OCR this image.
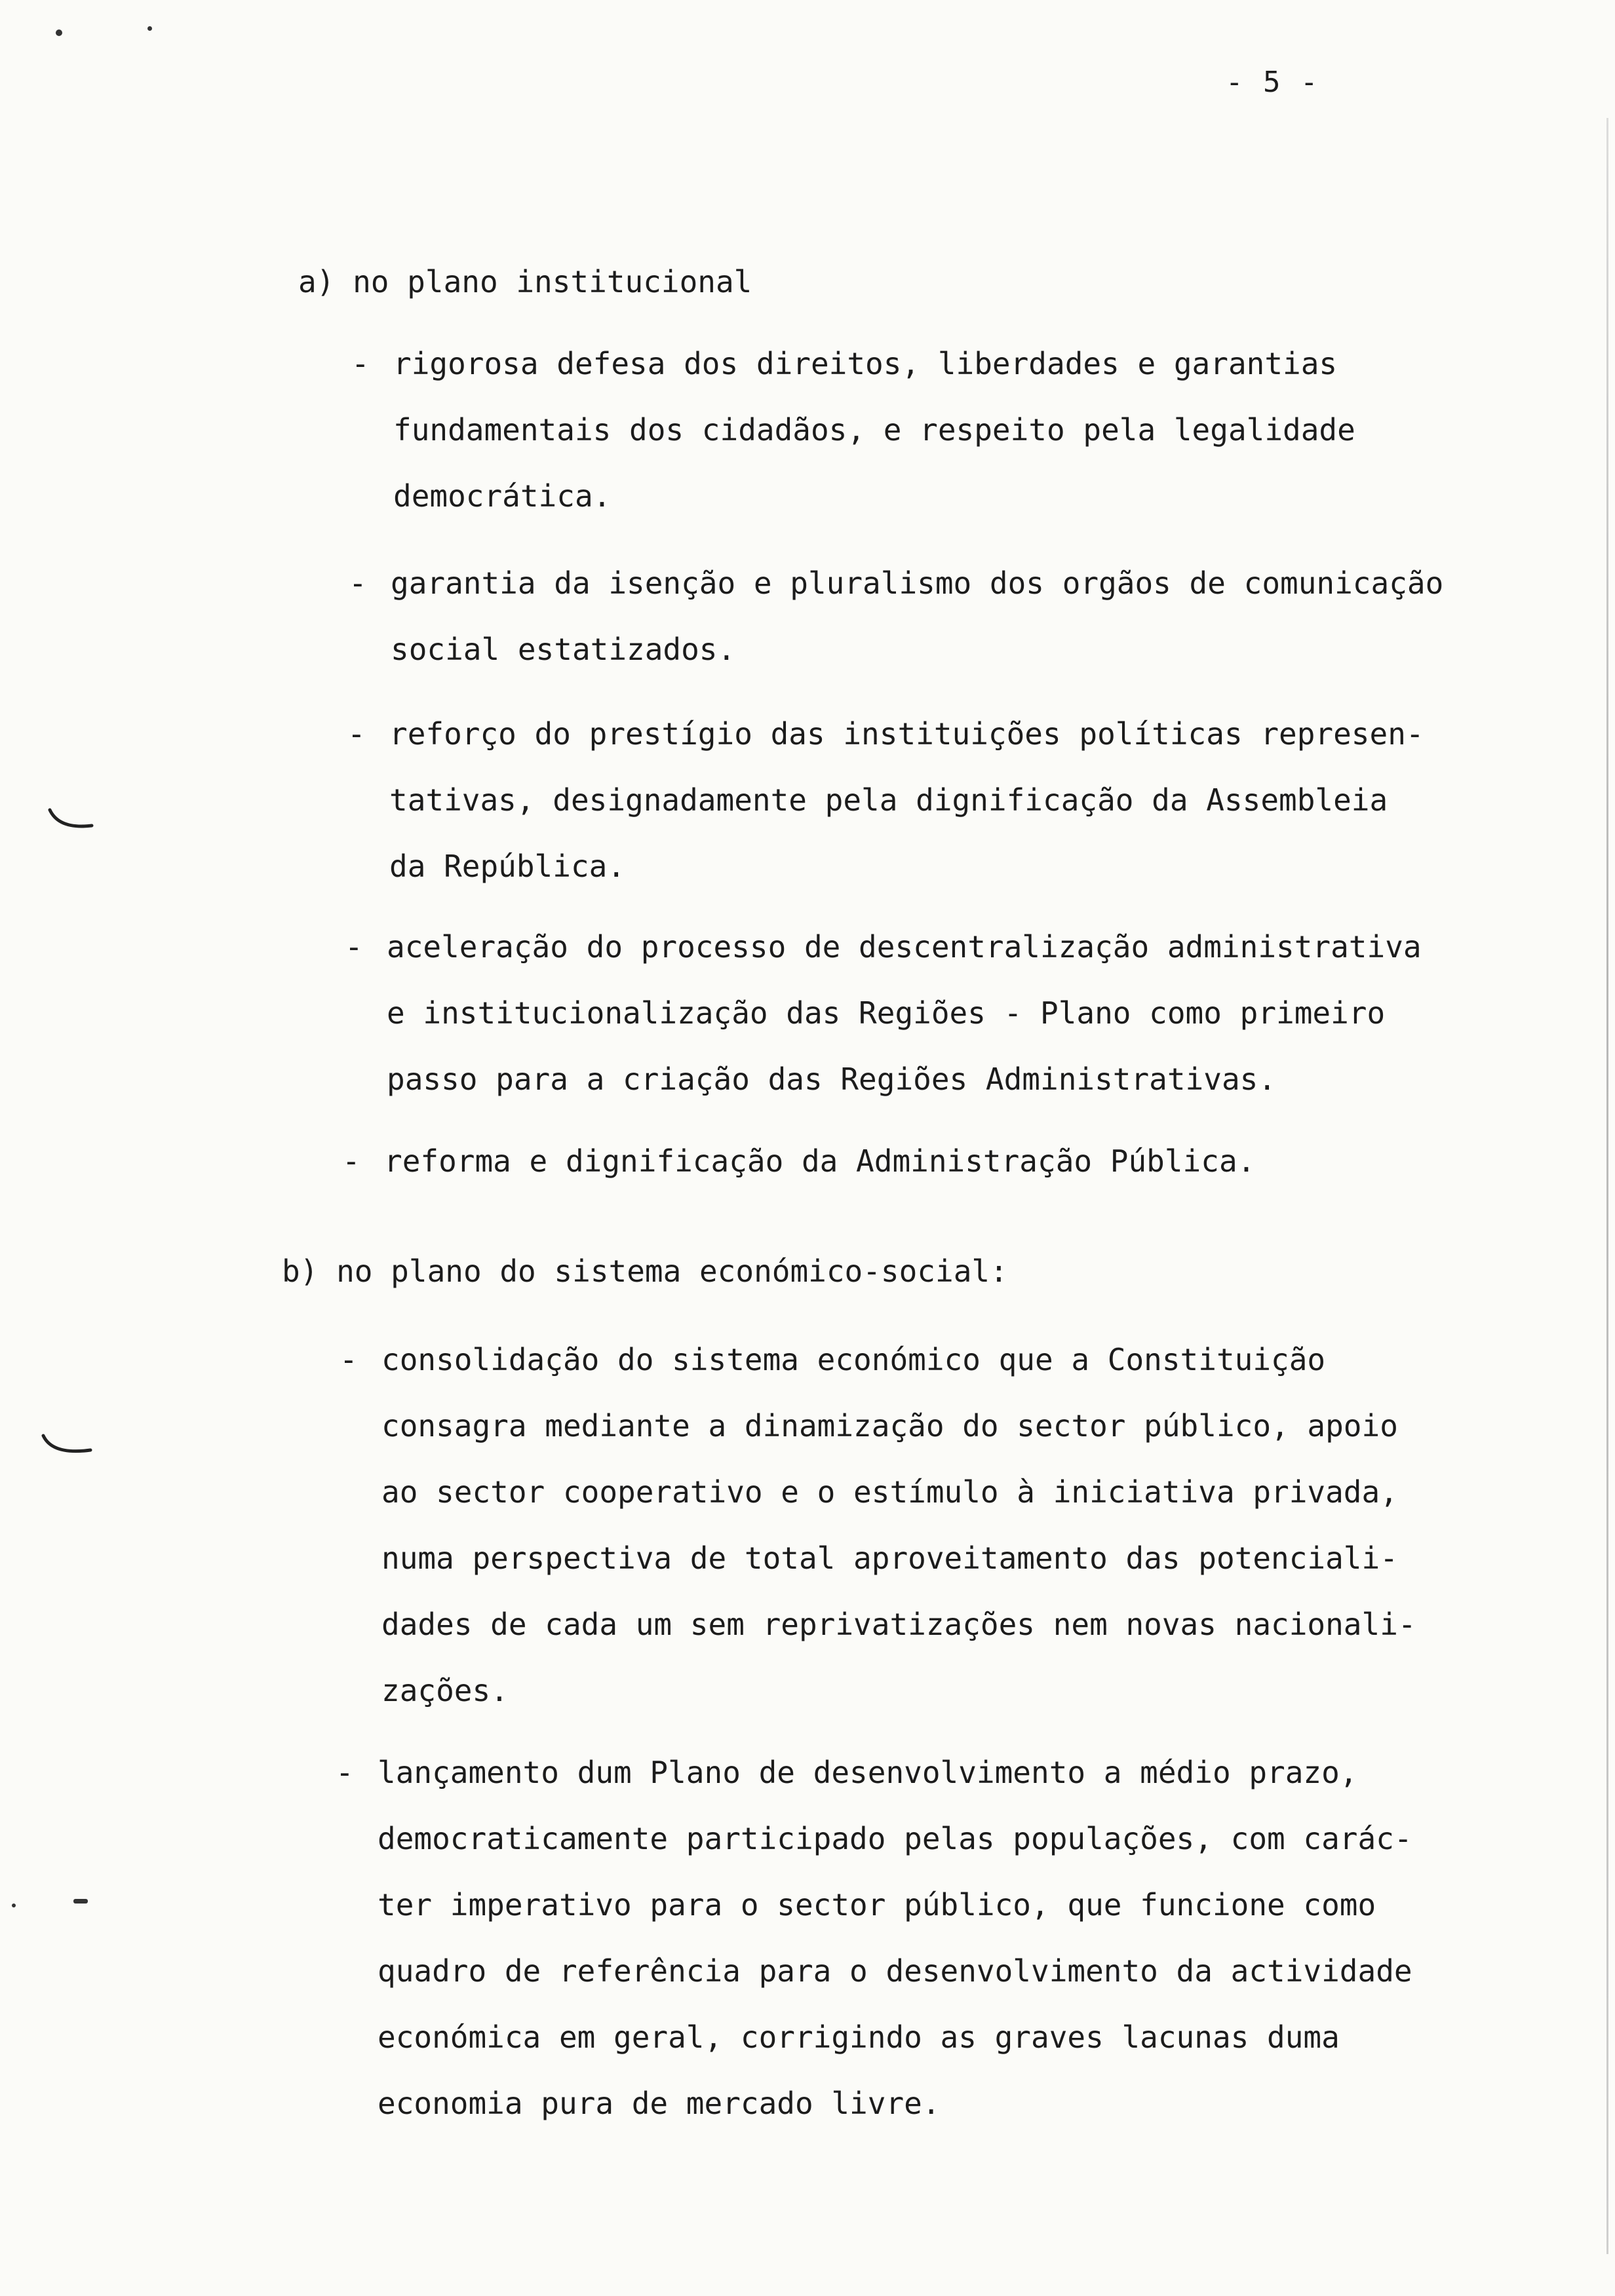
- 5 -
a) no plano institucional
- rigorosa defesa dos direitos, liberdades e garantias
fundamentais dos cidadãos, e respeito pela legalidade
democrática.
- garantia da isenção e pluralismo dos orgãos de comunicação
social estatizados.
- reforço do prestígio das instituições políticas represen-
tativas, designadamente pela dignificação da Assembleia
da República.
- aceleração do processo de descentralização administrativa
e institucionalização das Regiões - Plano como primeiro
passo para a criação das Regiões Administrativas.
- reforma e dignificação da Administração Pública.
b) no plano do sistema económico-social:
- consolidação do sistema económico que a Constituição
consagra mediante a dinamização do sector público, apoio
ao sector cooperativo e o estímulo à iniciativa privada,
numa perspectiva de total aproveitamento das potenciali-
dades de cada um sem reprivatizações nem novas nacionali-
zações.
- lançamento dum Plano de desenvolvimento a médio prazo,
democraticamente participado pelas populações, com carác-
ter imperativo para o sector público, que funcione como
quadro de referência para o desenvolvimento da actividade
económica em geral, corrigindo as graves lacunas duma
economia pura de mercado livre.
